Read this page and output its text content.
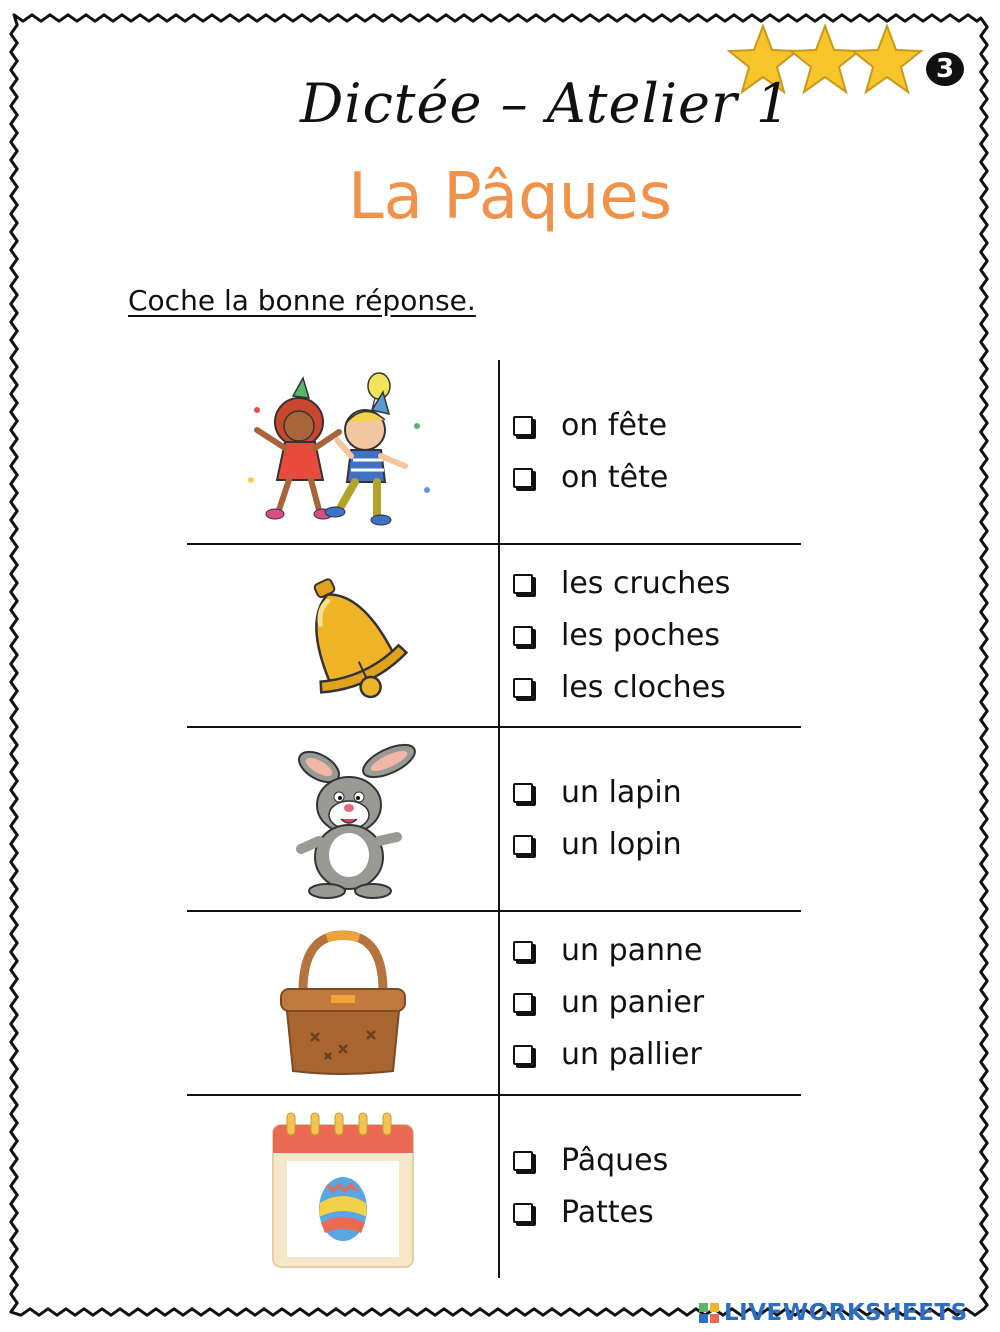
3
Dictée – Atelier 1
La Pâques
Coche la bonne réponse.
on fête
on tête
les cruches
les poches
les cloches
un lapin
un lopin
un panne
un panier
un pallier
Pâques
Pattes
LIVEWORKSHEETS
